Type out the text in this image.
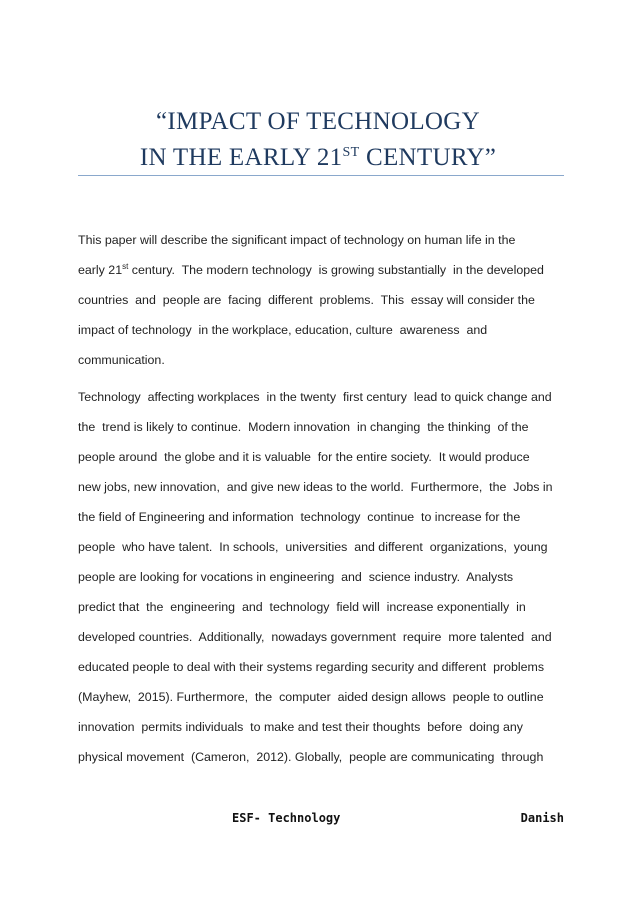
“IMPACT OF TECHNOLOGY
IN THE EARLY 21ST CENTURY”
This paper will describe the significant impact of technology on human life in the
early 21st century.  The modern technology  is growing substantially  in the developed
countries  and  people are  facing  different  problems.  This  essay will consider the
impact of technology  in the workplace, education, culture  awareness  and
communication.
Technology  affecting workplaces  in the twenty  first century  lead to quick change and
the  trend is likely to continue.  Modern innovation  in changing  the thinking  of the
people around  the globe and it is valuable  for the entire society.  It would produce
new jobs, new innovation,  and give new ideas to the world.  Furthermore,  the  Jobs in
the field of Engineering and information  technology  continue  to increase for the
people  who have talent.  In schools,  universities  and different  organizations,  young
people are looking for vocations in engineering  and  science industry.  Analysts
predict that  the  engineering  and  technology  field will  increase exponentially  in
developed countries.  Additionally,  nowadays government  require  more talented  and
educated people to deal with their systems regarding security and different  problems
(Mayhew,  2015). Furthermore,  the  computer  aided design allows  people to outline
innovation  permits individuals  to make and test their thoughts  before  doing any
physical movement  (Cameron,  2012). Globally,  people are communicating  through
ESF- Technology	Danish
